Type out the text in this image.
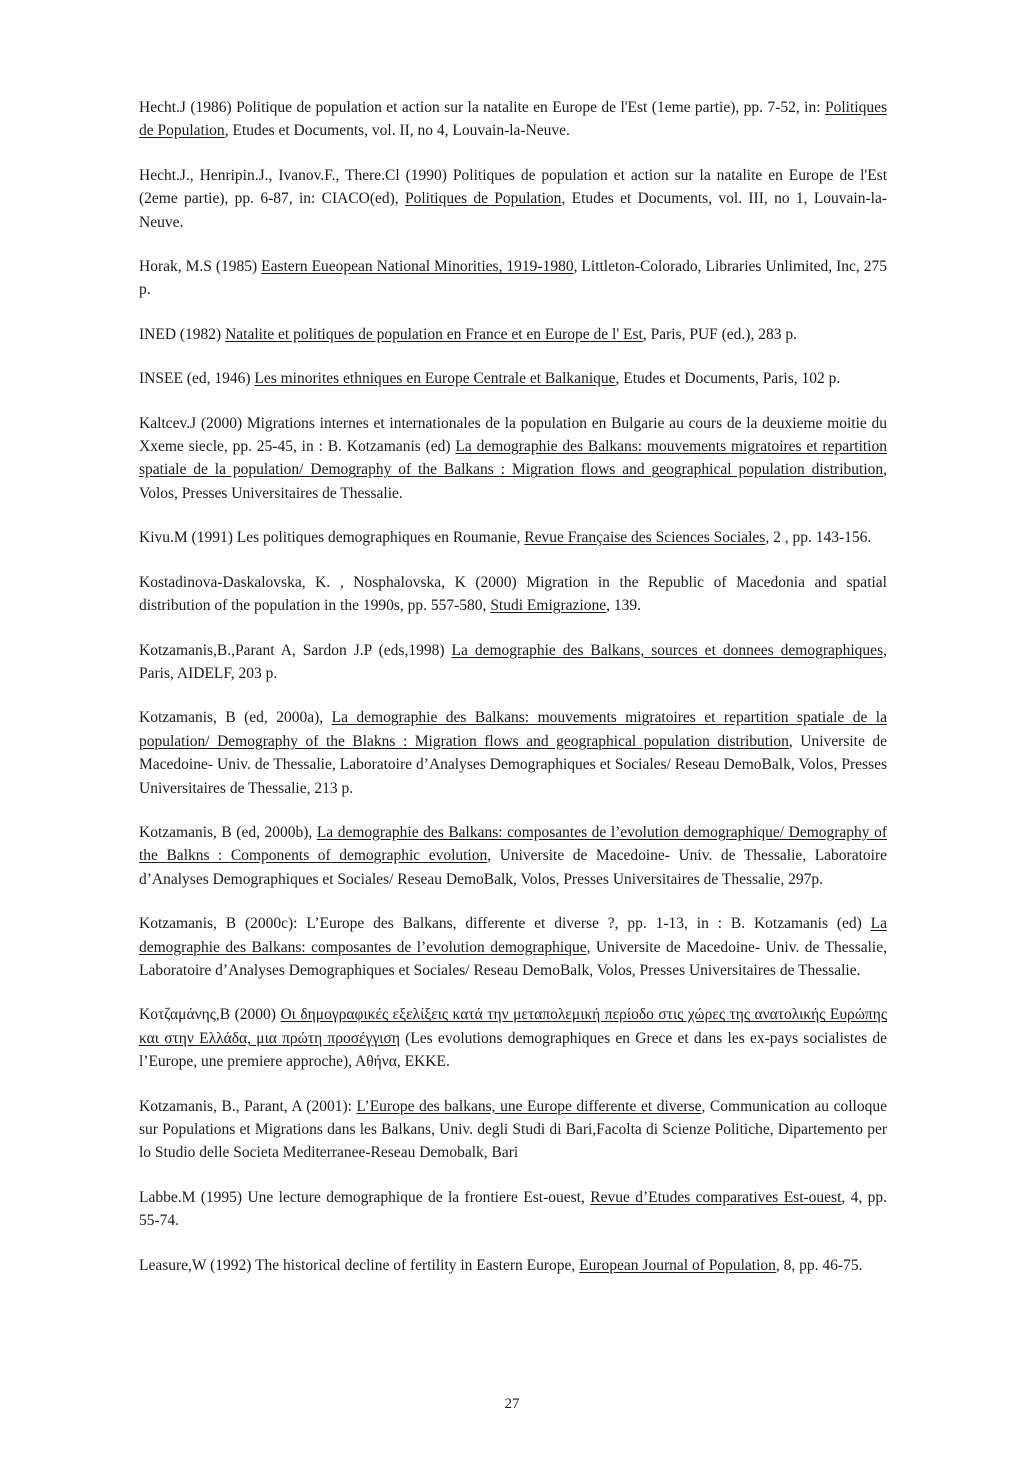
Hecht.J (1986) Politique de population et action sur la natalite en Europe de l'Est (1eme partie), pp. 7-52, in: Politiques de Population, Etudes et Documents, vol. II, no 4, Louvain-la-Neuve.

Hecht.J., Henripin.J., Ivanov.F., There.Cl (1990) Politiques de population et action sur la natalite en Europe de l'Est (2eme partie), pp. 6-87, in: CIACO(ed), Politiques de Population, Etudes et Documents, vol. III, no 1, Louvain-la-Neuve.

Horak, M.S (1985) Eastern Eueopean National Minorities, 1919-1980, Littleton-Colorado, Libraries Unlimited, Inc, 275 p.

INED (1982) Natalite et politiques de population en France et en Europe de l' Est, Paris, PUF (ed.), 283 p.

INSEE (ed, 1946) Les minorites ethniques en Europe Centrale et Balkanique, Etudes et Documents, Paris, 102 p.

Kaltcev.J (2000) Migrations internes et internationales de la population en Bulgarie au cours de la deuxieme moitie du Xxeme siecle, pp. 25-45, in : B. Kotzamanis (ed) La demographie des Balkans: mouvements migratoires et repartition spatiale de la population/ Demography of the Balkans : Migration flows and geographical population distribution, Volos, Presses Universitaires de Thessalie.

Kivu.M (1991) Les politiques demographiques en Roumanie, Revue Française des Sciences Sociales, 2 , pp. 143-156.

Kostadinova-Daskalovska, K. , Nosphalovska, K (2000) Migration in the Republic of Macedonia and spatial distribution of the population in the 1990s, pp. 557-580, Studi Emigrazione, 139.

Kotzamanis,B.,Parant A, Sardon J.P (eds,1998) La demographie des Balkans, sources et donnees demographiques, Paris, AIDELF, 203 p.

Kotzamanis, B (ed, 2000a), La demographie des Balkans: mouvements migratoires et repartition spatiale de la population/ Demography of the Blakns : Migration flows and geographical population distribution, Universite de Macedoine- Univ. de Thessalie, Laboratoire d’Analyses Demographiques et Sociales/ Reseau DemoBalk, Volos, Presses Universitaires de Thessalie, 213 p.

Kotzamanis, B (ed, 2000b), La demographie des Balkans: composantes de l’evolution demographique/ Demography of the Balkns : Components of demographic evolution, Universite de Macedoine- Univ. de Thessalie, Laboratoire d’Analyses Demographiques et Sociales/ Reseau DemoBalk, Volos, Presses Universitaires de Thessalie, 297p.

Kotzamanis, B (2000c): L’Europe des Balkans, differente et diverse ?, pp. 1-13, in : B. Kotzamanis (ed) La demographie des Balkans: composantes de l’evolution demographique, Universite de Macedoine- Univ. de Thessalie, Laboratoire d’Analyses Demographiques et Sociales/ Reseau DemoBalk, Volos, Presses Universitaires de Thessalie.

Κοτζαμάνης,B (2000) Οι δημογραφικές εξελίξεις κατά την μεταπολεμική περίοδο στις χώρες της ανατολικής Ευρώπης και στην Ελλάδα, μια πρώτη προσέγγιση (Les evolutions demographiques en Grece et dans les ex-pays socialistes de l’Europe, une premiere approche), Αθήνα, ΕΚΚΕ.

Kotzamanis, B., Parant, A (2001): L’Europe des balkans, une Europe differente et diverse, Communication au colloque sur Populations et Migrations dans les Balkans, Univ. degli Studi di Bari,Facolta di Scienze Politiche, Dipartemento per lo Studio delle Societa Mediterranee-Reseau Demobalk, Bari

Labbe.M (1995) Une lecture demographique de la frontiere Est-ouest, Revue d’Etudes comparatives Est-ouest, 4, pp. 55-74.

Leasure,W (1992) The historical decline of fertility in Eastern Europe, European Journal of Population, 8, pp. 46-75.

27
